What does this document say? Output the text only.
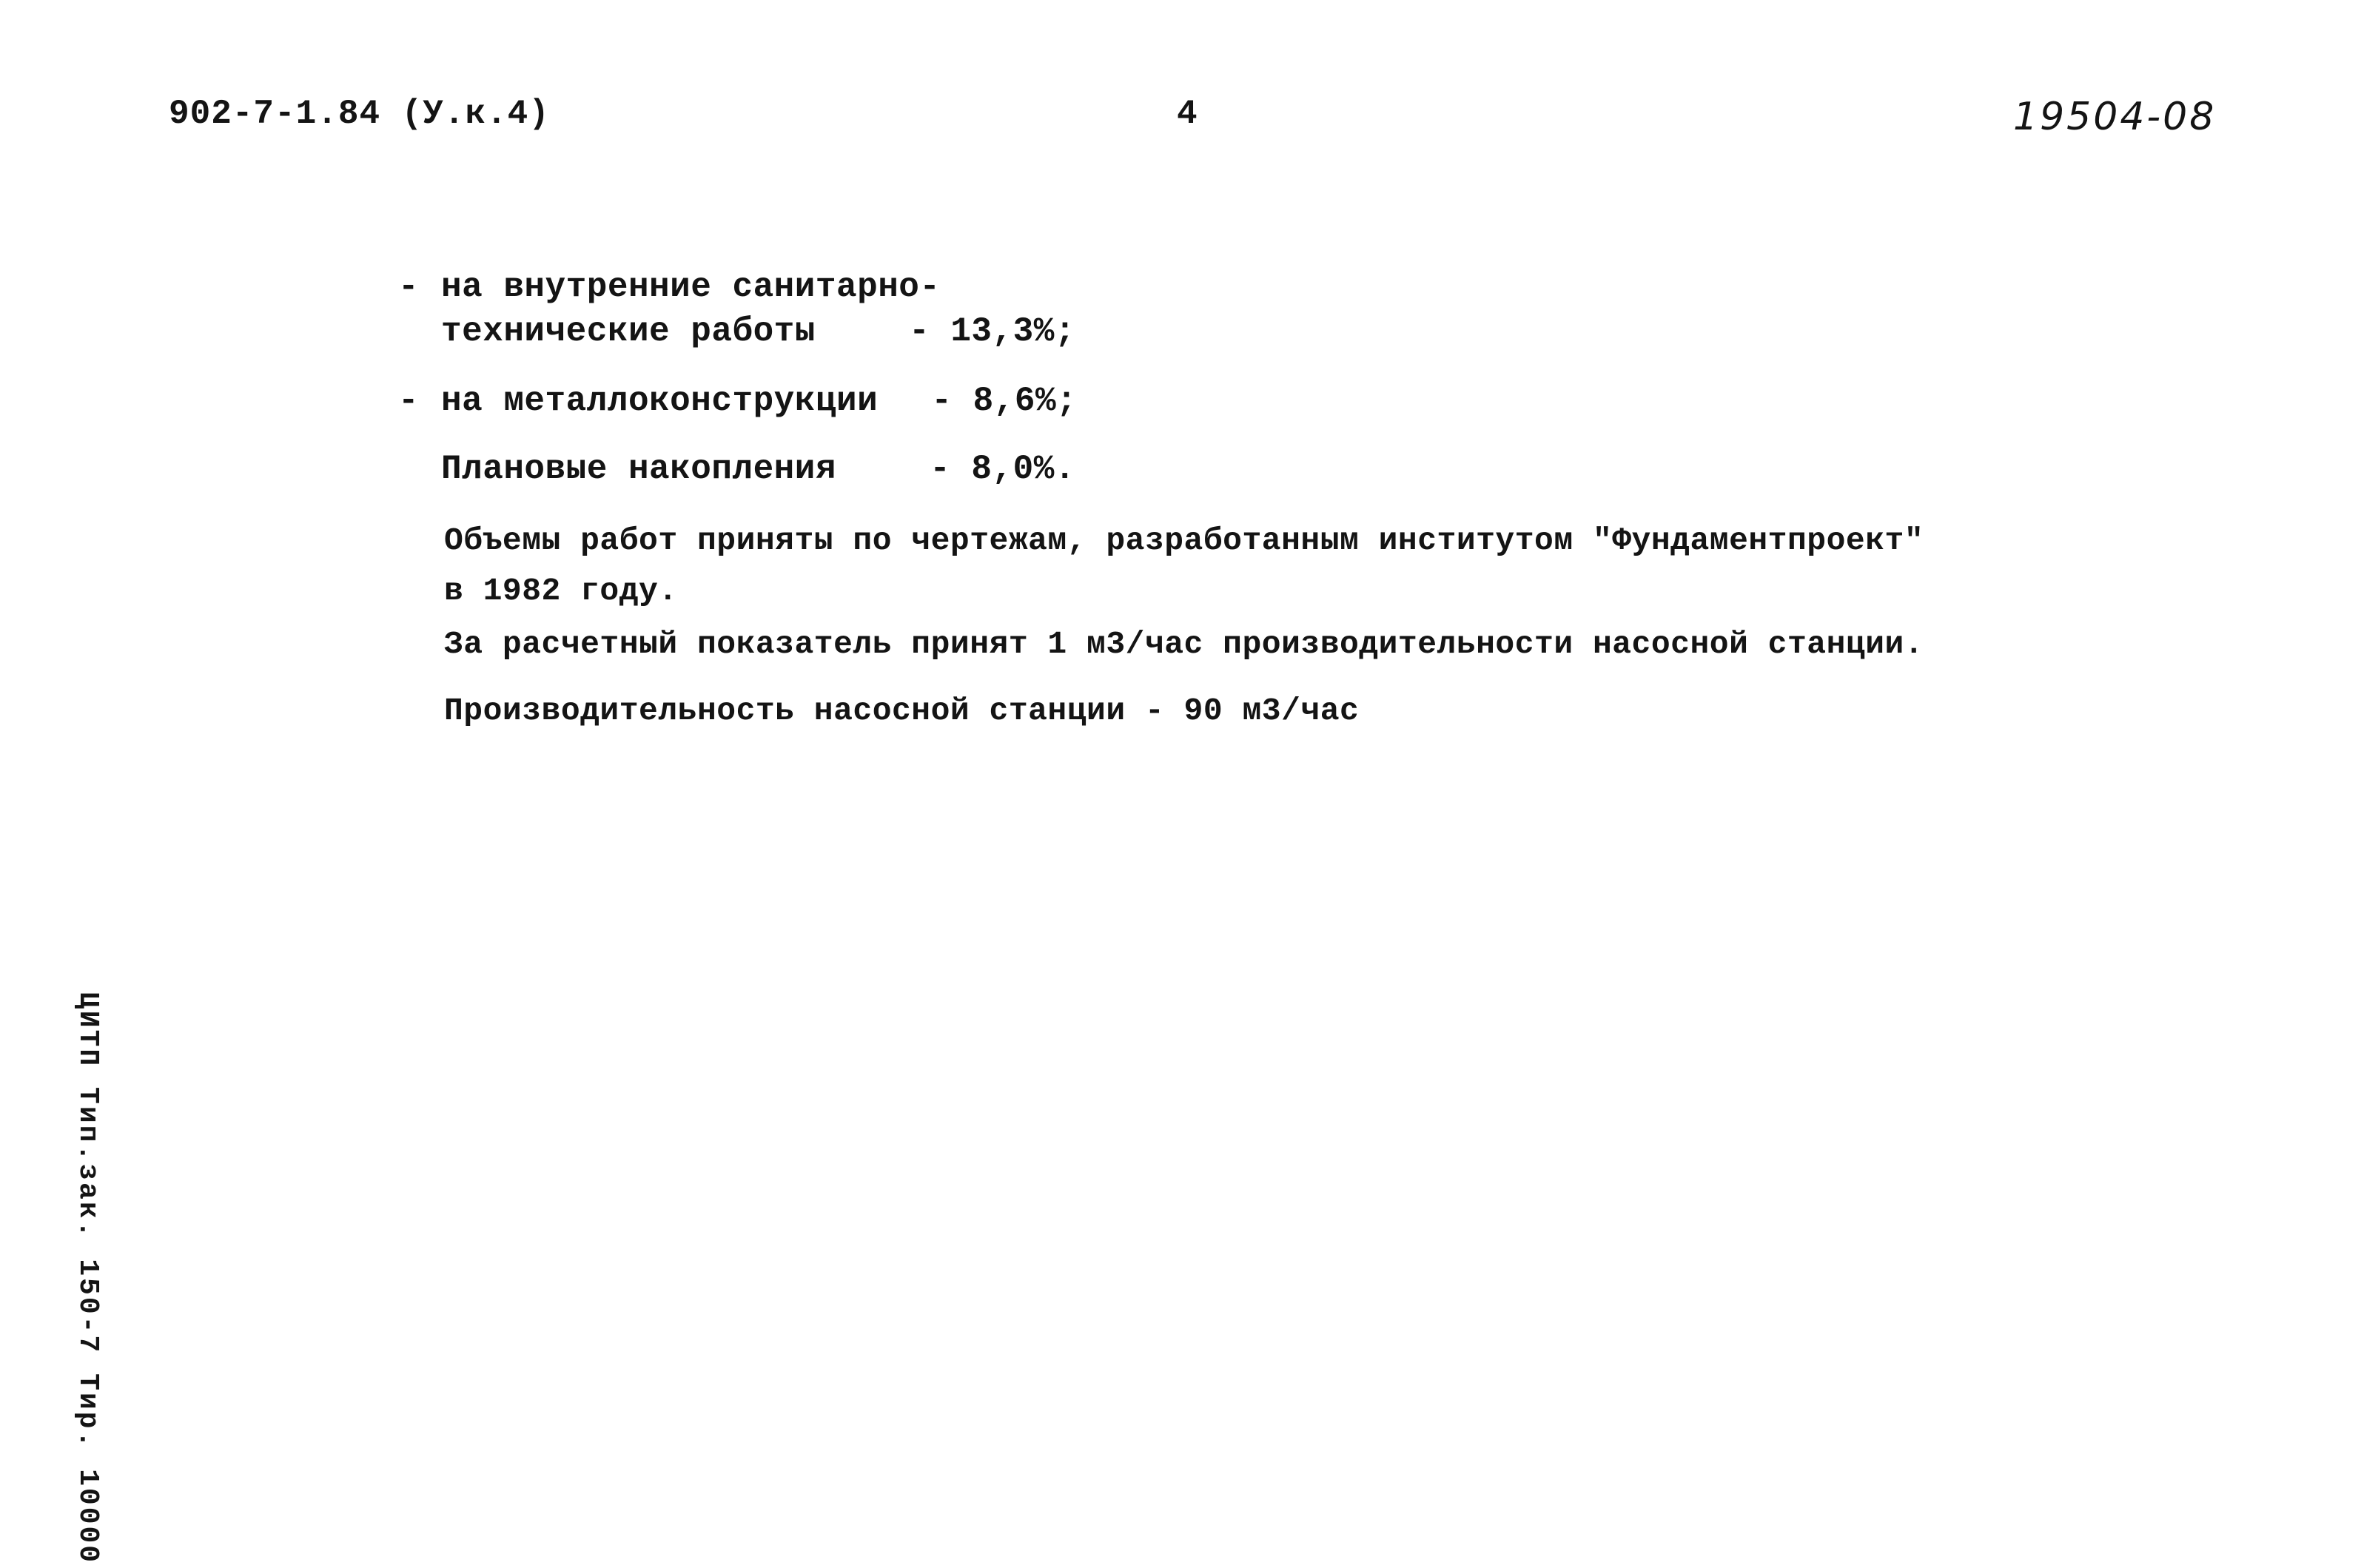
902-7-1.84 (У.к.4)	4	19504-08
- на внутренние санитарно-
технические работы	- 13,3%;
- на металлоконструкции - 8,6%;
Плановые накопления	- 8,0%.
Объемы работ приняты по чертежам, разработанным институтом "Фундаментпроект"
в 1982 году.
За расчетный показатель принят 1 м3/час производительности насосной станции.
Производительность насосной станции - 90 м3/час
ЦИТП Тип.зак. 150-7 Тир. 10000
